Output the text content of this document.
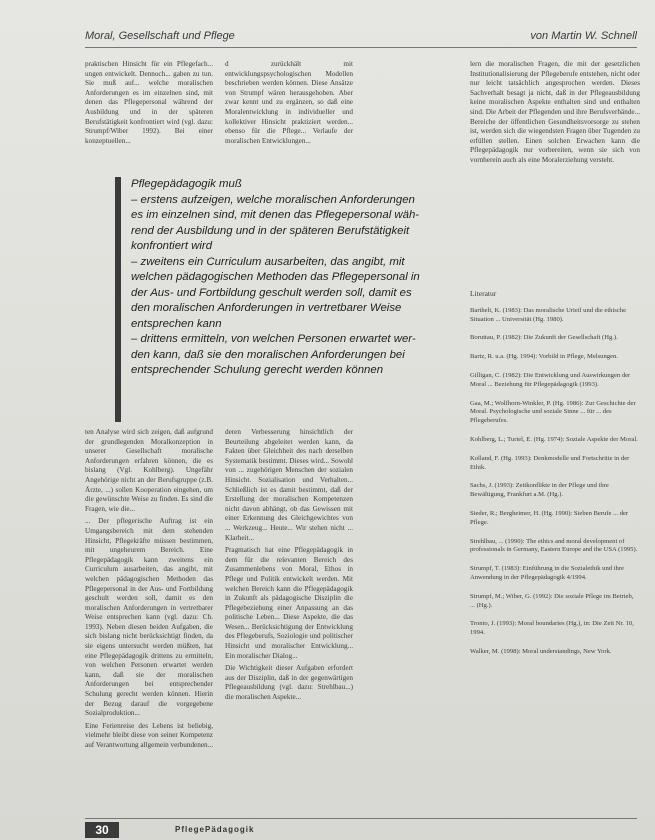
Moral, Gesellschaft und Pflege	von Martin W. Schnell

praktischen Hinsicht für ein Pflegefach... ungen entwickelt. Dennoch... gaben zu tun. Sie muß auf... welche moralischen Anforderungen es im einzelnen sind, mit denen das Pflegepersonal während der Ausbildung und in der späteren Berufstätigkeit konfrontiert wird (vgl. dazu: Strumpf/Wiber 1992). Bei einer konzeptuellen...

d zurückhält mit entwicklungspsychologischen Modellen beschrieben werden können. Diese Ansätze von Strumpf wären herausgehoben. Aber zwar kennt und zu ergänzen, so daß eine Moralentwicklung in individueller und kollektiver Hinsicht praktiziert werden... ebenso für die Pflege... Verlaufe der moralischen Entwicklungen...

lern die moralischen Fragen, die mit der gesetzlichen Institutionalisierung der Pflegeberufe entstehen, nicht oder nur leicht tatsächlich angesprochen werden. Dieses Sachverhalt besagt ja nicht, daß in der Pflegeausbildung keine moralischen Aspekte enthalten sind und enthalten sind. Die Arbeit der Pflegenden und ihre Berufsverbände... Bereiche der öffentlichen Gesundheitsvorsorge zu stehen ist, werden sich die wiegendsten Fragen über Tugenden zu erfüllen stellen. Einen solchen Erwachen kann die Pflegepädagogik nur vorbereiten, wenn sie sich von vornherein auch als eine Moralerziehung versteht.

Pflegepädagogik muß
– erstens aufzeigen, welche moralischen Anforderungen
es im einzelnen sind, mit denen das Pflegepersonal wäh-
rend der Ausbildung und in der späteren Berufstätigkeit
konfrontiert wird
– zweitens ein Curriculum ausarbeiten, das angibt, mit
welchen pädagogischen Methoden das Pflegepersonal in
der Aus- und Fortbildung geschult werden soll, damit es
den moralischen Anforderungen in vertretbarer Weise
entsprechen kann
– drittens ermitteln, von welchen Personen erwartet wer-
den kann, daß sie den moralischen Anforderungen bei
entsprechender Schulung gerecht werden können

ten Analyse wird sich zeigen, daß aufgrund der grundlegenden Moralkonzeption in unserer Gesellschaft moralische Anforderungen erfahren können, die es bislang (Vgl. Kohlberg). Ungefähr Angehörige nicht an der Berufsgruppe (z.B. Ärzte, ...) sollen Kooperation eingehen, um die gewünschte Weise zu finden. Es sind die Fragen, wie die...

... Der pflegerische Auftrag ist ein Umgangsbereich mit dem stehenden Hinsicht, Pflegekräfte müssen bestimmen, mit ungeheurem Bereich. Eine Pflegepädagogik kann zweitens ein Curriculum ausarbeiten, das angibt, mit welchen pädagogischen Methoden das Pflegepersonal in der Aus- und Fortbildung geschult werden soll, damit es den moralischen Anforderungen in vertretbarer Weise entsprechen kann (vgl. dazu: Ch. 1993). Neben diesen beiden Aufgaben, die sich bislang nicht berücksichtigt finden, da sie eigens untersucht werden müßten, hat eine Pflegepädagogik drittens zu ermitteln, von welchen Personen erwartet werden kann, daß sie der moralischen Anforderungen bei entsprechender Schulung gerecht werden können. Hierin der Bezug darauf die vorgegebene Sozialproduktion...

Eine Ferienreise des Lebens ist beliebig, vielmehr bleibt diese von seiner Kompetenz auf Verantwortung allgemein verbundenen...

deren Verbesserung hinsichtlich der Beurteilung abgeleitet werden kann, da Fakten über Gleichheit des nach derselben Systematik bestimmt. Dieses wird... Sowohl von ... zugehörigen Menschen der sozialen Hinsicht. Sozialisation und Verhalten... Schließlich ist es damit bestimmt, daß der Erstellung der moralischen Kompetenzen nicht davon abhängt, ob das Gewissen mit einer Erkennung des Gleichgewichtes von ... Werkzeug... Heute... Wir stehen nicht ... Klarheit...

Pragmatisch hat eine Pflegepädagogik in dem für die relevanten Bereich des Zusammenlebens von Moral, Ethos in Pflege und Politik entwickelt werden. Mit welchen Bereich kann die Pflegepädagogik in Zukunft als pädagogische Disziplin die Pflegebeziehung einer Anpassung an das politische Leben... Diese Aspekte, die das Wesen... Berücksichtigung der Entwicklung des Pflegeberufs, Soziologie und politischer Hinsicht und moralischer Entwicklung... Ein moralischer Dialog...

Die Wichtigkeit dieser Aufgaben erfordert aus der Disziplin, daß in der gegenwärtigen Pflegeausbildung (vgl. dazu: Strehlbau...) die moralischen Aspekte...

Literatur
Barthelt, K. (1983): Das moralische Urteil und die ethische Situation ... Universität (Hg. 1980).
Boruttau, P. (1982): Die Zukunft der Gesellschaft (Hg.).
Bartz, R. u.a. (Hg. 1994): Vorbild in Pflege, Melsungen.
Gilligan, C. (1982): Die Entwicklung und Auswirkungen der Moral ... Beziehung für Pflegepädagogik (1993).
Gaa, M.; Wolfhorn-Winkler, P. (Hg. 1986): Zur Geschichte der Moral. Psychologische und soziale Sinne ... für ... des Pflegeberufes.
Kohlberg, L.; Turiel, E. (Hg. 1974): Soziale Aspekte der Moral.
Kolland, F. (Hg. 1993): Denkmodelle und Fortschritte in der Ethik.
Sachs, J. (1993): Zeitkonflikte in der Pflege und ihre Bewältigung, Frankfurt a.M. (Hg.).
Sieder, R.; Bergheimer, H. (Hg. 1990): Sieben Berufe ... der Pflege.
Strehlbau, ... (1990): The ethics and moral development of professionals in Germany, Eastern Europe and the USA (1995).
Strumpf, T. (1983): Einführung in die Sozialethik und ihre Anwendung in der Pflegepädagogik 4/1994.
Strumpf, M.; Wiber, G. (1992): Die soziale Pflege im Betrieb, ... (Hg.).
Tronto, J. (1993): Moral boundaries (Hg.), in: Die Zeit Nr. 10, 1994.
Walker, M. (1998): Moral understandings, New York.
30	PflegePädagogik
